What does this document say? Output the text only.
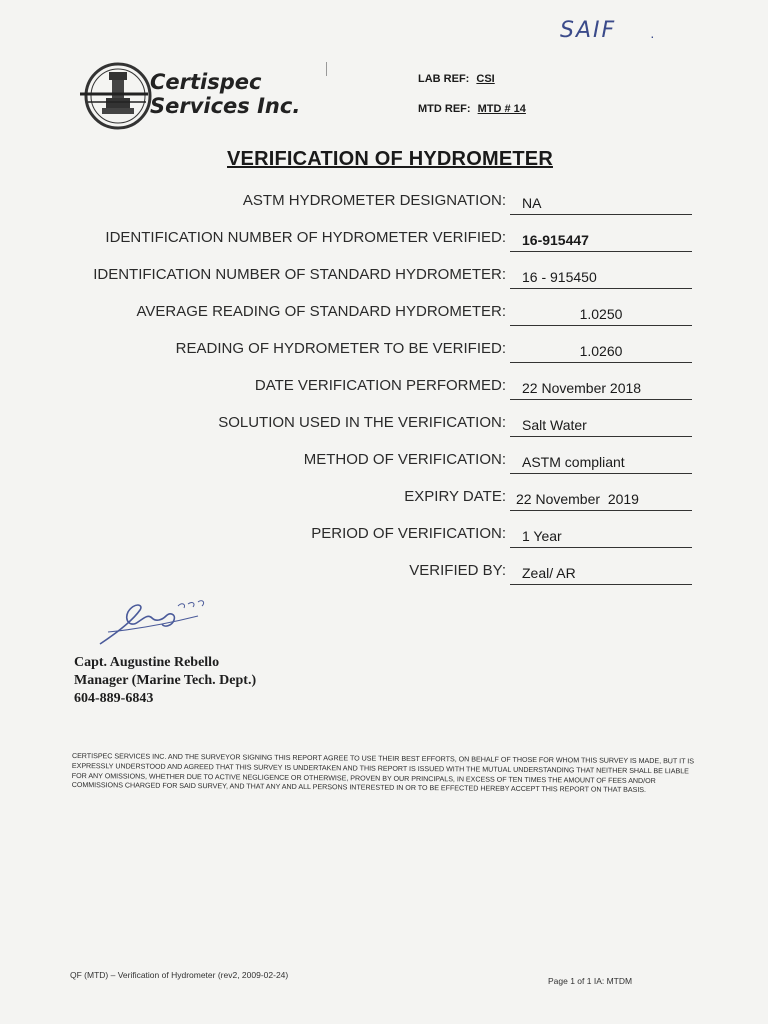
SAIF ·
Certispec
Services Inc.
LAB REF: CSI
MTD REF: MTD # 14
VERIFICATION OF HYDROMETER
ASTM HYDROMETER DESIGNATION:	NA
IDENTIFICATION NUMBER OF HYDROMETER VERIFIED:	16-915447
IDENTIFICATION NUMBER OF STANDARD HYDROMETER:	16 - 915450
AVERAGE READING OF STANDARD HYDROMETER:	1.0250
READING OF HYDROMETER TO BE VERIFIED:	1.0260
DATE VERIFICATION PERFORMED:	22 November 2018
SOLUTION USED IN THE VERIFICATION:	Salt Water
METHOD OF VERIFICATION:	ASTM compliant
EXPIRY DATE: 22 November  2019
PERIOD OF VERIFICATION:	1 Year
VERIFIED BY:	Zeal/ AR
Capt. Augustine Rebello
Manager (Marine Tech. Dept.)
604-889-6843
CERTISPEC SERVICES INC. AND THE SURVEYOR SIGNING THIS REPORT AGREE TO USE THEIR BEST EFFORTS, ON BEHALF OF THOSE FOR WHOM THIS SURVEY IS MADE, BUT IT IS EXPRESSLY UNDERSTOOD AND AGREED THAT THIS SURVEY IS UNDERTAKEN AND THIS REPORT IS ISSUED WITH THE MUTUAL UNDERSTANDING THAT NEITHER SHALL BE LIABLE FOR ANY OMISSIONS, WHETHER DUE TO ACTIVE NEGLIGENCE OR OTHERWISE, PROVEN BY OUR PRINCIPALS, IN EXCESS OF TEN TIMES THE AMOUNT OF FEES AND/OR COMMISSIONS CHARGED FOR SAID SURVEY, AND THAT ANY AND ALL PERSONS INTERESTED IN OR TO BE EFFECTED HEREBY ACCEPT THIS REPORT ON THAT BASIS.
QF (MTD) – Verification of Hydrometer (rev2, 2009-02-24)
Page 1 of 1 IA: MTDM
